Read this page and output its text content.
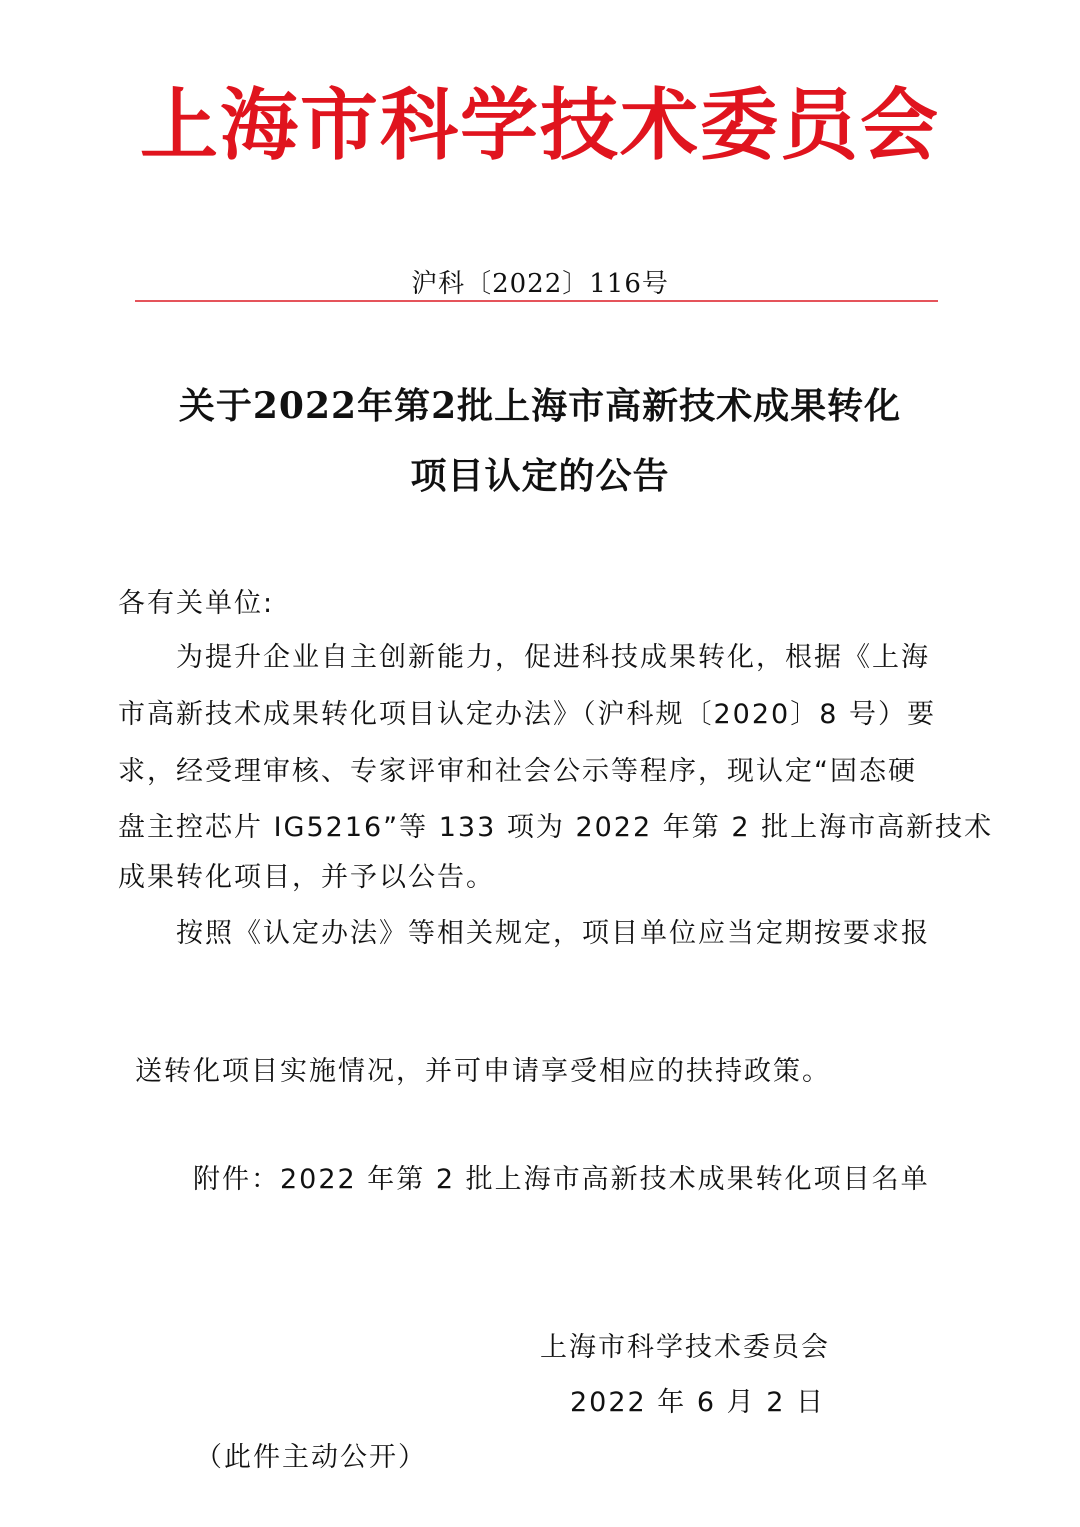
上海市科学技术委员会
沪科〔2022〕116号
关于2022年第2批上海市高新技术成果转化
项目认定的公告
各有关单位:
为提升企业自主创新能力，促进科技成果转化，根据《上海
市高新技术成果转化项目认定办法》（沪科规〔2020〕8 号）要
求，经受理审核、专家评审和社会公示等程序，现认定“固态硬
盘主控芯片 IG5216”等 133 项为 2022 年第 2 批上海市高新技术
成果转化项目，并予以公告。
按照《认定办法》等相关规定，项目单位应当定期按要求报
送转化项目实施情况，并可申请享受相应的扶持政策。
附件：2022 年第 2 批上海市高新技术成果转化项目名单
上海市科学技术委员会
2022 年 6 月 2 日
（此件主动公开）
